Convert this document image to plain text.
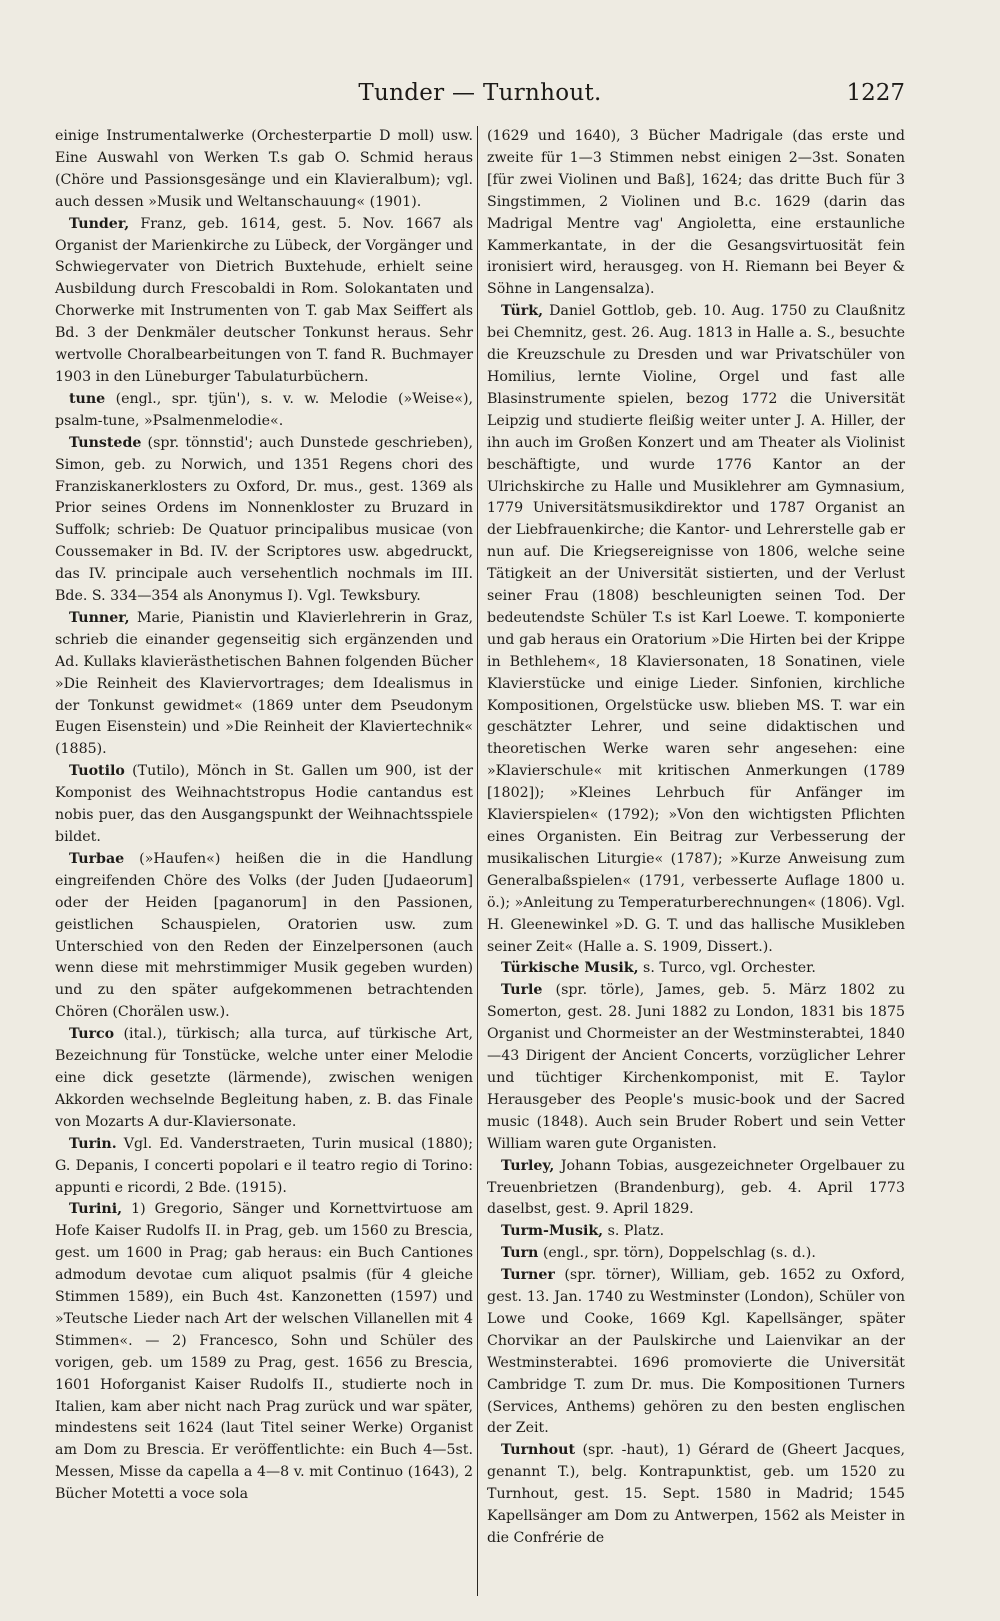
Tunder — Turnhout.	1227

einige Instrumentalwerke (Orchesterpartie D moll) usw. Eine Auswahl von Werken T.s gab O. Schmid heraus (Chöre und Passionsgesänge und ein Klavieralbum); vgl. auch dessen »Musik und Weltanschauung« (1901).

Tunder, Franz, geb. 1614, gest. 5. Nov. 1667 als Organist der Marienkirche zu Lübeck, der Vorgänger und Schwiegervater von Dietrich Buxtehude, erhielt seine Ausbildung durch Frescobaldi in Rom. Solokantaten und Chorwerke mit Instrumenten von T. gab Max Seiffert als Bd. 3 der Denkmäler deutscher Tonkunst heraus. Sehr wertvolle Choralbearbeitungen von T. fand R. Buchmayer 1903 in den Lüneburger Tabulaturbüchern.

tune (engl., spr. tjün'), s. v. w. Melodie (»Weise«), psalm-tune, »Psalmenmelodie«.

Tunstede (spr. tönnstid'; auch Dunstede geschrieben), Simon, geb. zu Norwich, und 1351 Regens chori des Franziskanerklosters zu Oxford, Dr. mus., gest. 1369 als Prior seines Ordens im Nonnenkloster zu Bruzard in Suffolk; schrieb: De Quatuor principalibus musicae (von Coussemaker in Bd. IV. der Scriptores usw. abgedruckt, das IV. principale auch versehentlich nochmals im III. Bde. S. 334—354 als Anonymus I). Vgl. Tewksbury.

Tunner, Marie, Pianistin und Klavierlehrerin in Graz, schrieb die einander gegenseitig sich ergänzenden und Ad. Kullaks klavierästhetischen Bahnen folgenden Bücher »Die Reinheit des Klaviervortrages; dem Idealismus in der Tonkunst gewidmet« (1869 unter dem Pseudonym Eugen Eisenstein) und »Die Reinheit der Klaviertechnik« (1885).

Tuotilo (Tutilo), Mönch in St. Gallen um 900, ist der Komponist des Weihnachtstropus Hodie cantandus est nobis puer, das den Ausgangspunkt der Weihnachtsspiele bildet.

Turbae (»Haufen«) heißen die in die Handlung eingreifenden Chöre des Volks (der Juden [Judaeorum] oder der Heiden [paganorum] in den Passionen, geistlichen Schauspielen, Oratorien usw. zum Unterschied von den Reden der Einzelpersonen (auch wenn diese mit mehrstimmiger Musik gegeben wurden) und zu den später aufgekommenen betrachtenden Chören (Chorälen usw.).

Turco (ital.), türkisch; alla turca, auf türkische Art, Bezeichnung für Tonstücke, welche unter einer Melodie eine dick gesetzte (lärmende), zwischen wenigen Akkorden wechselnde Begleitung haben, z. B. das Finale von Mozarts A dur-Klaviersonate.

Turin. Vgl. Ed. Vanderstraeten, Turin musical (1880); G. Depanis, I concerti popolari e il teatro regio di Torino: appunti e ricordi, 2 Bde. (1915).

Turini, 1) Gregorio, Sänger und Kornettvirtuose am Hofe Kaiser Rudolfs II. in Prag, geb. um 1560 zu Brescia, gest. um 1600 in Prag; gab heraus: ein Buch Cantiones admodum devotae cum aliquot psalmis (für 4 gleiche Stimmen 1589), ein Buch 4st. Kanzonetten (1597) und »Teutsche Lieder nach Art der welschen Villanellen mit 4 Stimmen«. — 2) Francesco, Sohn und Schüler des vorigen, geb. um 1589 zu Prag, gest. 1656 zu Brescia, 1601 Hoforganist Kaiser Rudolfs II., studierte noch in Italien, kam aber nicht nach Prag zurück und war später, mindestens seit 1624 (laut Titel seiner Werke) Organist am Dom zu Brescia. Er veröffentlichte: ein Buch 4—5st. Messen, Misse da capella a 4—8 v. mit Continuo (1643), 2 Bücher Motetti a voce sola

(1629 und 1640), 3 Bücher Madrigale (das erste und zweite für 1—3 Stimmen nebst einigen 2—3st. Sonaten [für zwei Violinen und Baß], 1624; das dritte Buch für 3 Singstimmen, 2 Violinen und B.c. 1629 (darin das Madrigal Mentre vag' Angioletta, eine erstaunliche Kammerkantate, in der die Gesangsvirtuosität fein ironisiert wird, herausgeg. von H. Riemann bei Beyer & Söhne in Langensalza).

Türk, Daniel Gottlob, geb. 10. Aug. 1750 zu Claußnitz bei Chemnitz, gest. 26. Aug. 1813 in Halle a. S., besuchte die Kreuzschule zu Dresden und war Privatschüler von Homilius, lernte Violine, Orgel und fast alle Blasinstrumente spielen, bezog 1772 die Universität Leipzig und studierte fleißig weiter unter J. A. Hiller, der ihn auch im Großen Konzert und am Theater als Violinist beschäftigte, und wurde 1776 Kantor an der Ulrichskirche zu Halle und Musiklehrer am Gymnasium, 1779 Universitätsmusikdirektor und 1787 Organist an der Liebfrauenkirche; die Kantor- und Lehrerstelle gab er nun auf. Die Kriegsereignisse von 1806, welche seine Tätigkeit an der Universität sistierten, und der Verlust seiner Frau (1808) beschleunigten seinen Tod. Der bedeutendste Schüler T.s ist Karl Loewe. T. komponierte und gab heraus ein Oratorium »Die Hirten bei der Krippe in Bethlehem«, 18 Klaviersonaten, 18 Sonatinen, viele Klavierstücke und einige Lieder. Sinfonien, kirchliche Kompositionen, Orgelstücke usw. blieben MS. T. war ein geschätzter Lehrer, und seine didaktischen und theoretischen Werke waren sehr angesehen: eine »Klavierschule« mit kritischen Anmerkungen (1789 [1802]); »Kleines Lehrbuch für Anfänger im Klavierspielen« (1792); »Von den wichtigsten Pflichten eines Organisten. Ein Beitrag zur Verbesserung der musikalischen Liturgie« (1787); »Kurze Anweisung zum Generalbaßspielen« (1791, verbesserte Auflage 1800 u. ö.); »Anleitung zu Temperaturberechnungen« (1806). Vgl. H. Gleenewinkel »D. G. T. und das hallische Musikleben seiner Zeit« (Halle a. S. 1909, Dissert.).

Türkische Musik, s. Turco, vgl. Orchester.

Turle (spr. törle), James, geb. 5. März 1802 zu Somerton, gest. 28. Juni 1882 zu London, 1831 bis 1875 Organist und Chormeister an der Westminsterabtei, 1840—43 Dirigent der Ancient Concerts, vorzüglicher Lehrer und tüchtiger Kirchenkomponist, mit E. Taylor Herausgeber des People's music-book und der Sacred music (1848). Auch sein Bruder Robert und sein Vetter William waren gute Organisten.

Turley, Johann Tobias, ausgezeichneter Orgelbauer zu Treuenbrietzen (Brandenburg), geb. 4. April 1773 daselbst, gest. 9. April 1829.

Turm-Musik, s. Platz.

Turn (engl., spr. törn), Doppelschlag (s. d.).

Turner (spr. törner), William, geb. 1652 zu Oxford, gest. 13. Jan. 1740 zu Westminster (London), Schüler von Lowe und Cooke, 1669 Kgl. Kapellsänger, später Chorvikar an der Paulskirche und Laienvikar an der Westminsterabtei. 1696 promovierte die Universität Cambridge T. zum Dr. mus. Die Kompositionen Turners (Services, Anthems) gehören zu den besten englischen der Zeit.

Turnhout (spr. -haut), 1) Gérard de (Gheert Jacques, genannt T.), belg. Kontrapunktist, geb. um 1520 zu Turnhout, gest. 15. Sept. 1580 in Madrid; 1545 Kapellsänger am Dom zu Antwerpen, 1562 als Meister in die Confrérie de
